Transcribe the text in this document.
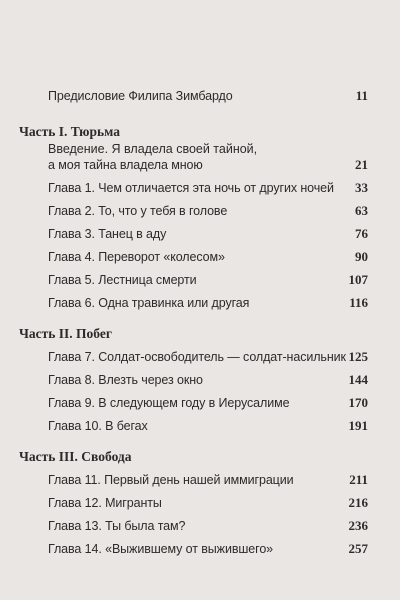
Предисловие Филипа Зимбардо	11
Часть I. Тюрьма
Введение. Я владела своей тайной,
а моя тайна владела мною	21
Глава 1. Чем отличается эта ночь от других ночей 33
Глава 2. То, что у тебя в голове	63
Глава 3. Танец в аду	76
Глава 4. Переворот «колесом»	90
Глава 5. Лестница смерти	107
Глава 6. Одна травинка или другая	116
Часть II. Побег
Глава 7. Солдат-освободитель — солдат-насильник 125
Глава 8. Влезть через окно	144
Глава 9. В следующем году в Иерусалиме	170
Глава 10. В бегах	191
Часть III. Свобода
Глава 11. Первый день нашей иммиграции	211
Глава 12. Мигранты	216
Глава 13. Ты была там?	236
Глава 14. «Выжившему от выжившего»	257
